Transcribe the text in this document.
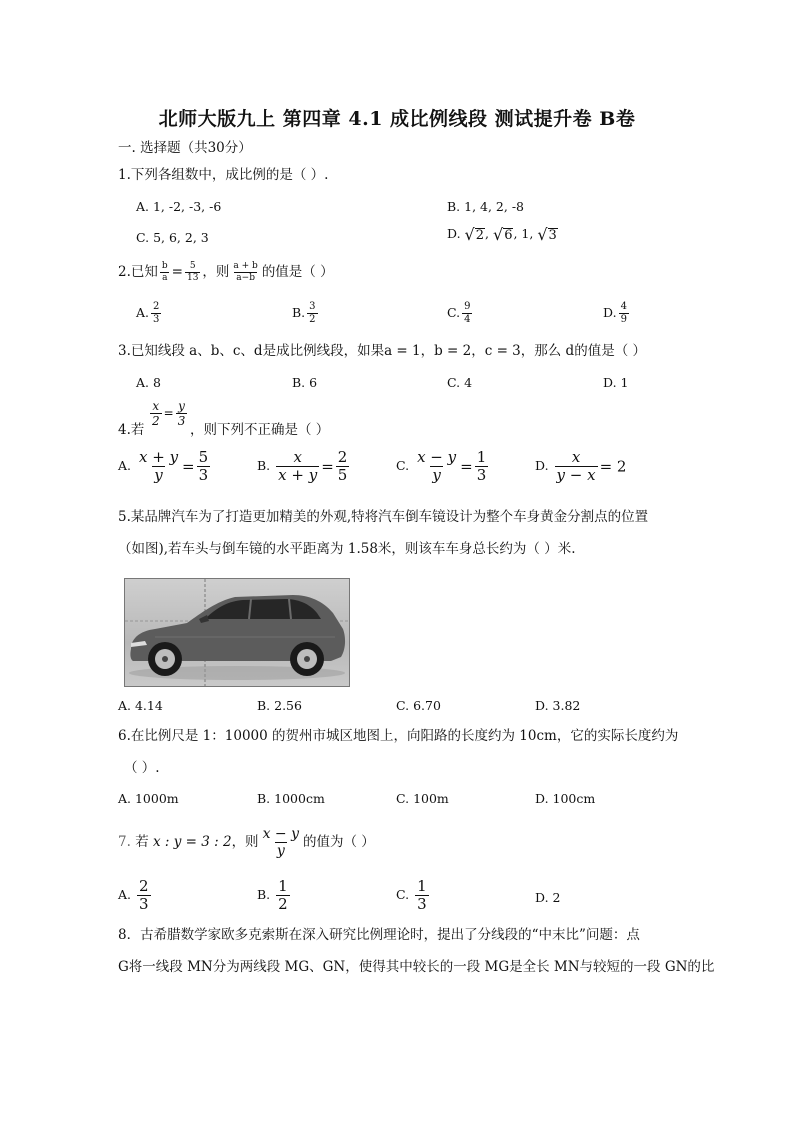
北师大版九上 第四章 4.1 成比例线段 测试提升卷 B卷
一. 选择题（共30分）
1.下列各组数中，成比例的是（ ）.
A. 1, -2, -3, -6	B. 1, 4, 2, -8
C. 5, 6, 2, 3	D. √ 2 , √ 6 , 1, √ 3
2.已知 $\frac{b}{a} = \frac{5}{13}$ ，则 $\frac{a + b}{a-b}$ 的值是（ ）
A. $\frac{2}{3}$	B. $\frac{3}{2}$	C. $\frac{9}{4}$	D. $\frac{4}{9}$
3.已知线段 a、b、c、d是成比例线段，如果a = 1，b = 2，c = 3，那么 d的值是（ ）
A. 8	B. 6	C. 4	D. 1
$\frac{x}{2} = \frac{y}{3}$
4.若	，则下列不正确是（ ）
A. $\frac{x + y}{y} = \frac{5}{3}$	B. $\frac{x}{x + y} = \frac{2}{5}$	C. $\frac{x - y}{y} = \frac{1}{3}$	D. $\frac{x}{y - x} = 2$
5.某品牌汽车为了打造更加精美的外观,特将汽车倒车镜设计为整个车身黄金分割点的位置
（如图),若车头与倒车镜的水平距离为 1.58米，则该车车身总长约为（ ）米.
A. 4.14	B. 2.56	C. 6.70	D. 3.82
6.在比例尺是 1：10000 的贺州市城区地图上，向阳路的长度约为 10cm，它的实际长度约为
（ ）.
A. 1000m	B. 1000cm	C. 100m	D. 100cm
7. 若 x : y = 3 : 2，则 $\frac{x - y}{y}$ 的值为（ ）
A. $\frac{2}{3}$	B. $\frac{1}{2}$	C. $\frac{1}{3}$	D. 2
8．古希腊数学家欧多克索斯在深入研究比例理论时，提出了分线段的“中末比”问题：点
G将一线段 MN分为两线段 MG、GN，使得其中较长的一段 MG是全长 MN与较短的一段 GN的比
